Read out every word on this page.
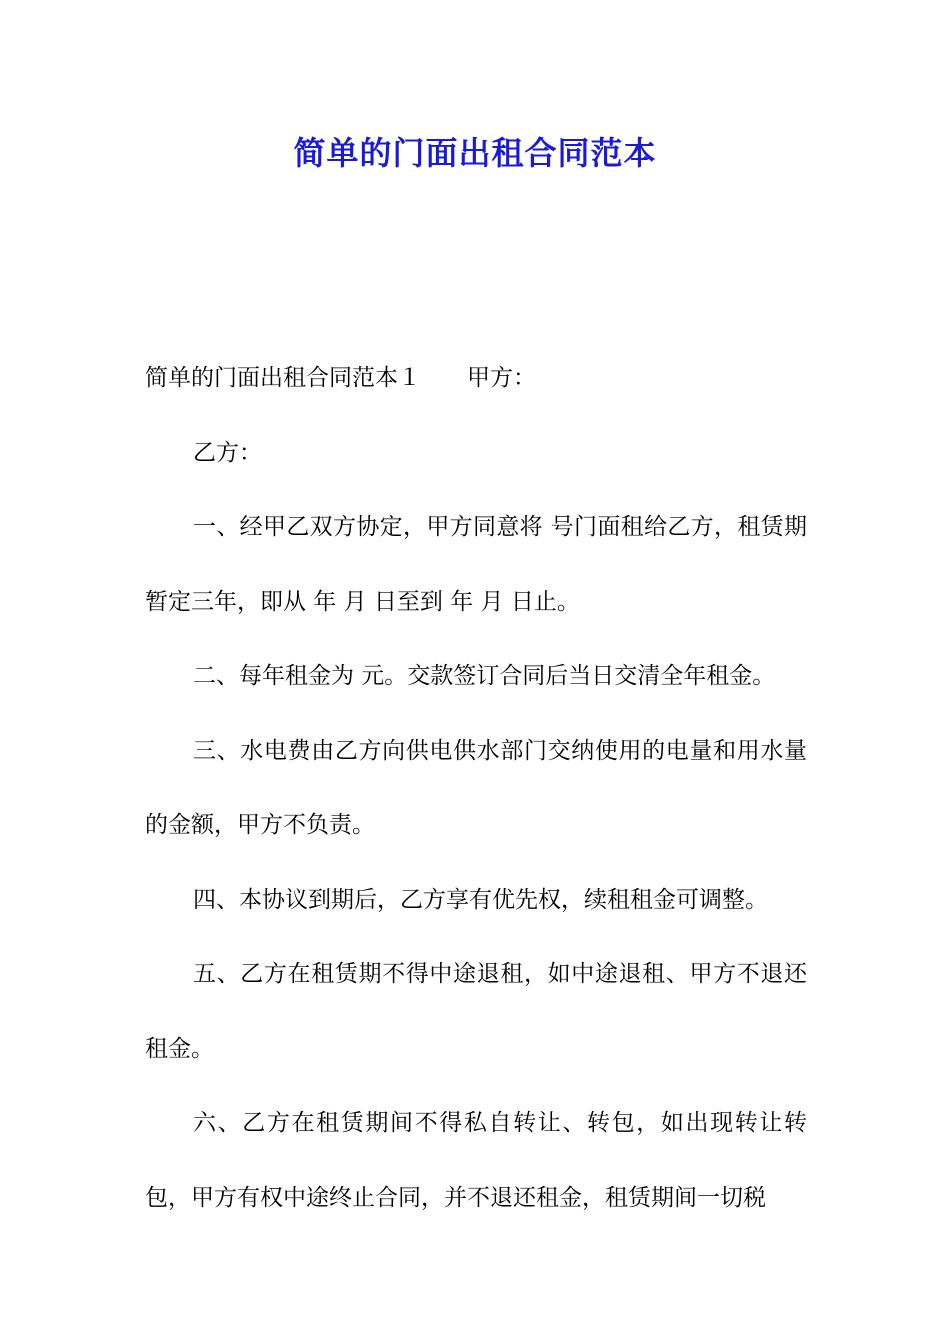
简单的门面出租合同范本

简单的门面出租合同范本１ 甲方：

乙方：

一、经甲乙双方协定，甲方同意将 号门面租给乙方，租赁期暂定三年，即从 年 月 日至到 年 月 日止。

二、每年租金为 元。交款签订合同后当日交清全年租金。

三、水电费由乙方向供电供水部门交纳使用的电量和用水量的金额，甲方不负责。

四、本协议到期后，乙方享有优先权，续租租金可调整。

五、乙方在租赁期不得中途退租，如中途退租、甲方不退还租金。

六、乙方在租赁期间不得私自转让、转包，如出现转让转包，甲方有权中途终止合同，并不退还租金，租赁期间一切税
